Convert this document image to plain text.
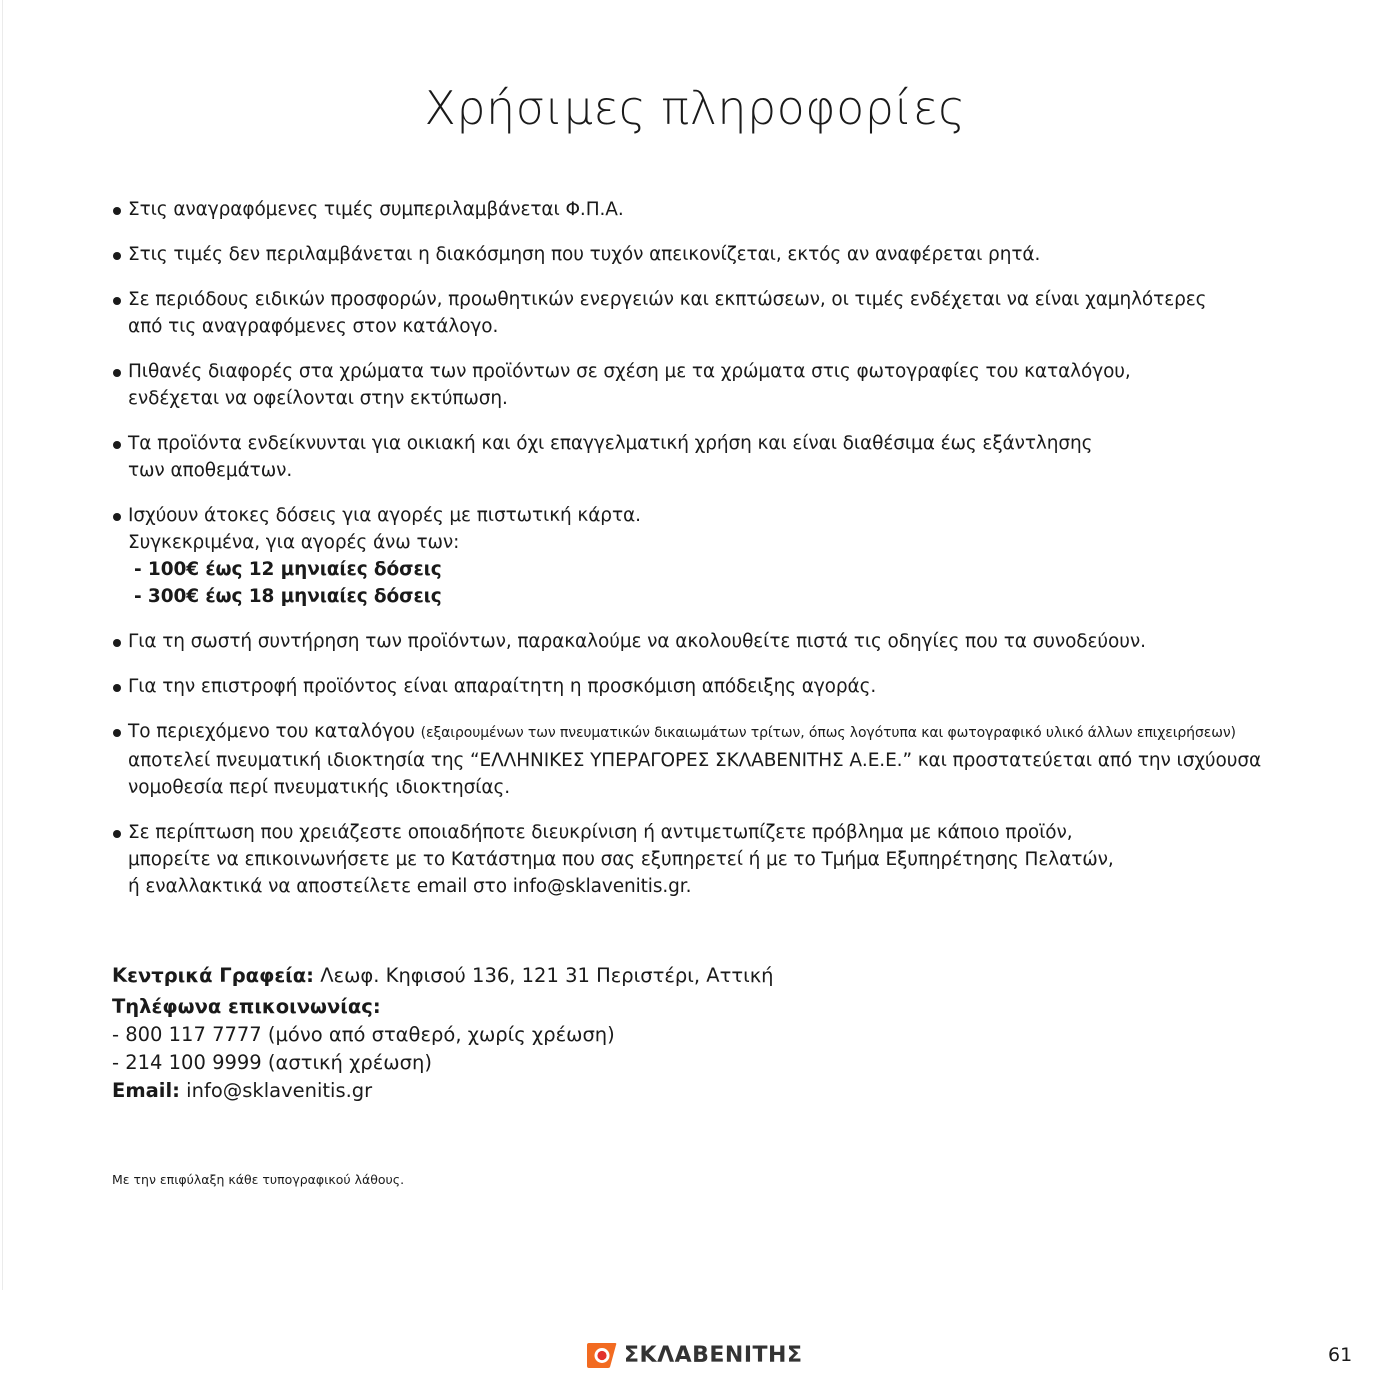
Χρήσιμες πληροφορίες
Στις αναγραφόμενες τιμές συμπεριλαμβάνεται Φ.Π.Α.
Στις τιμές δεν περιλαμβάνεται η διακόσμηση που τυχόν απεικονίζεται, εκτός αν αναφέρεται ρητά.
Σε περιόδους ειδικών προσφορών, προωθητικών ενεργειών και εκπτώσεων, οι τιμές ενδέχεται να είναι χαμηλότερες
από τις αναγραφόμενες στον κατάλογο.
Πιθανές διαφορές στα χρώματα των προϊόντων σε σχέση με τα χρώματα στις φωτογραφίες του καταλόγου,
ενδέχεται να οφείλονται στην εκτύπωση.
Τα προϊόντα ενδείκνυνται για οικιακή και όχι επαγγελματική χρήση και είναι διαθέσιμα έως εξάντλησης
των αποθεμάτων.
Ισχύουν άτοκες δόσεις για αγορές με πιστωτική κάρτα.
Συγκεκριμένα, για αγορές άνω των:
- 100€ έως 12 μηνιαίες δόσεις
- 300€ έως 18 μηνιαίες δόσεις
Για τη σωστή συντήρηση των προϊόντων, παρακαλούμε να ακολουθείτε πιστά τις οδηγίες που τα συνοδεύουν.
Για την επιστροφή προϊόντος είναι απαραίτητη η προσκόμιση απόδειξης αγοράς.
Το περιεχόμενο του καταλόγου (εξαιρουμένων των πνευματικών δικαιωμάτων τρίτων, όπως λογότυπα και φωτογραφικό υλικό άλλων επιχειρήσεων)
αποτελεί πνευματική ιδιοκτησία της “ΕΛΛΗΝΙΚΕΣ ΥΠΕΡΑΓΟΡΕΣ ΣΚΛΑΒΕΝΙΤΗΣ Α.Ε.Ε.” και προστατεύεται από την ισχύουσα
νομοθεσία περί πνευματικής ιδιοκτησίας.
Σε περίπτωση που χρειάζεστε οποιαδήποτε διευκρίνιση ή αντιμετωπίζετε πρόβλημα με κάποιο προϊόν,
μπορείτε να επικοινωνήσετε με το Κατάστημα που σας εξυπηρετεί ή με το Τμήμα Εξυπηρέτησης Πελατών,
ή εναλλακτικά να αποστείλετε email στο info@sklavenitis.gr.
Κεντρικά Γραφεία: Λεωφ. Κηφισού 136, 121 31 Περιστέρι, Αττική
Τηλέφωνα επικοινωνίας:
- 800 117 7777 (μόνο από σταθερό, χωρίς χρέωση)
- 214 100 9999 (αστική χρέωση)
Email: info@sklavenitis.gr
Με την επιφύλαξη κάθε τυπογραφικού λάθους.
ΣΚΛΑΒΕΝΙΤΗΣ	61
